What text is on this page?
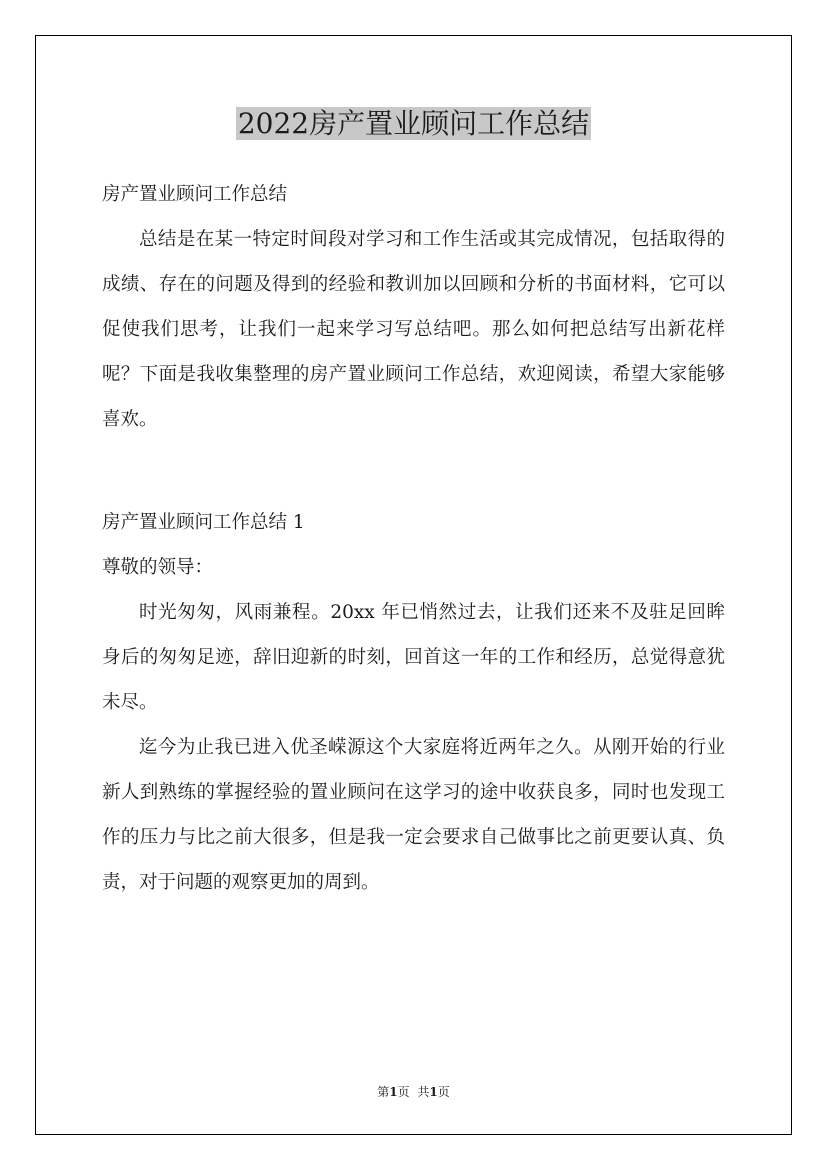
2022房产置业顾问工作总结

房产置业顾问工作总结

总结是在某一特定时间段对学习和工作生活或其完成情况，包括取得的成绩、存在的问题及得到的经验和教训加以回顾和分析的书面材料，它可以促使我们思考，让我们一起来学习写总结吧。那么如何把总结写出新花样呢？下面是我收集整理的房产置业顾问工作总结，欢迎阅读，希望大家能够喜欢。

房产置业顾问工作总结 1

尊敬的领导：

时光匆匆，风雨兼程。20xx 年已悄然过去，让我们还来不及驻足回眸身后的匆匆足迹，辞旧迎新的时刻，回首这一年的工作和经历，总觉得意犹未尽。

迄今为止我已进入优圣嵘源这个大家庭将近两年之久。从刚开始的行业新人到熟练的掌握经验的置业顾问在这学习的途中收获良多，同时也发现工作的压力与比之前大很多，但是我一定会要求自己做事比之前更要认真、负责，对于问题的观察更加的周到。

第1页 共1页
